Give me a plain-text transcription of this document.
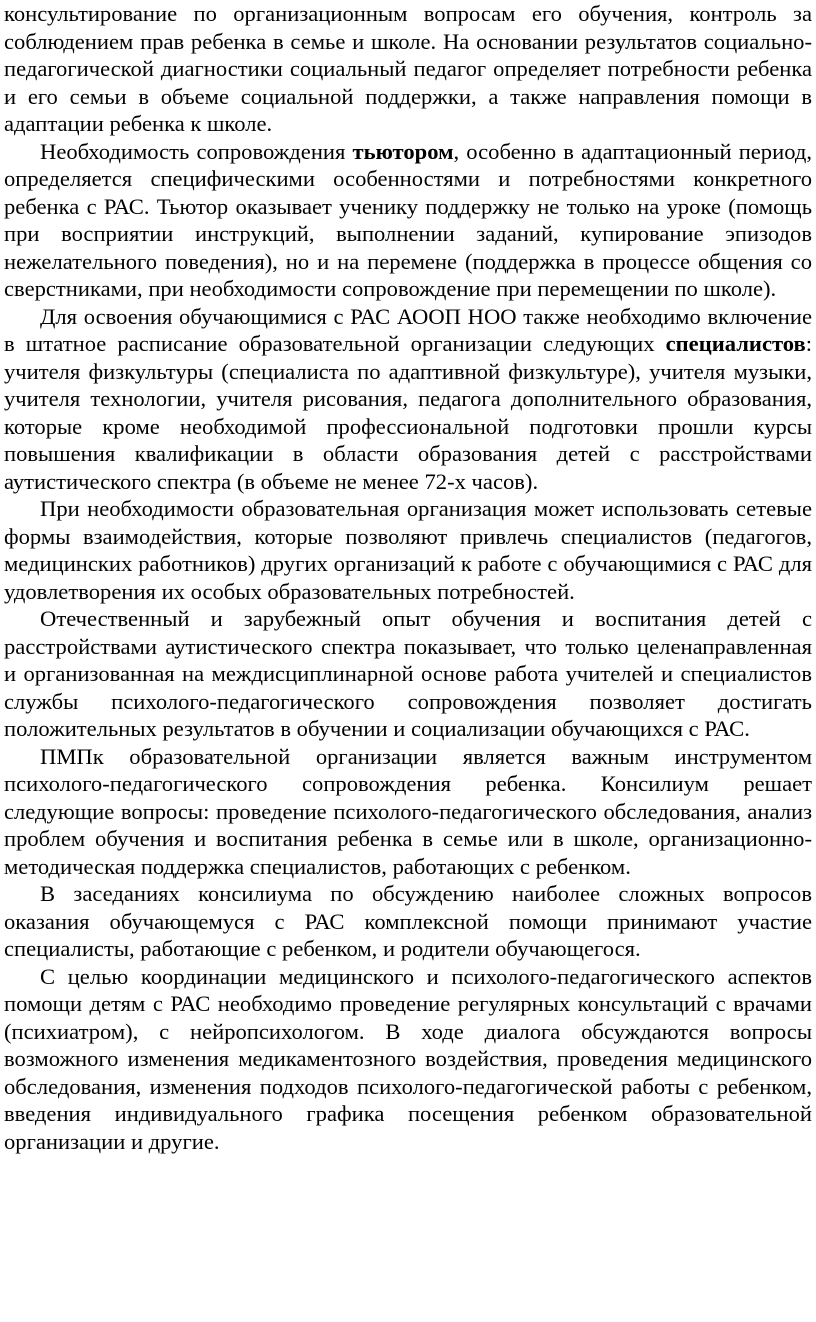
консультирование по организационным вопросам его обучения, контроль за соблюдением прав ребенка в семье и школе. На основании результатов социально-педагогической диагностики социальный педагог определяет потребности ребенка и его семьи в объеме социальной поддержки, а также направления помощи в адаптации ребенка к школе.

Необходимость сопровождения тьютором, особенно в адаптационный период, определяется специфическими особенностями и потребностями конкретного ребенка с РАС. Тьютор оказывает ученику поддержку не только на уроке (помощь при восприятии инструкций, выполнении заданий, купирование эпизодов нежелательного поведения), но и на перемене (поддержка в процессе общения со сверстниками, при необходимости сопровождение при перемещении по школе).

Для освоения обучающимися с РАС АООП НОО также необходимо включение в штатное расписание образовательной организации следующих специалистов: учителя физкультуры (специалиста по адаптивной физкультуре), учителя музыки, учителя технологии, учителя рисования, педагога дополнительного образования, которые кроме необходимой профессиональной подготовки прошли курсы повышения квалификации в области образования детей с расстройствами аутистического спектра (в объеме не менее 72-х часов).

При необходимости образовательная организация может использовать сетевые формы взаимодействия, которые позволяют привлечь специалистов (педагогов, медицинских работников) других организаций к работе с обучающимися с РАС для удовлетворения их особых образовательных потребностей.

Отечественный и зарубежный опыт обучения и воспитания детей с расстройствами аутистического спектра показывает, что только целенаправленная и организованная на междисциплинарной основе работа учителей и специалистов службы психолого-педагогического сопровождения позволяет достигать положительных результатов в обучении и социализации обучающихся с РАС.

ПМПк образовательной организации является важным инструментом психолого-педагогического сопровождения ребенка. Консилиум решает следующие вопросы: проведение психолого-педагогического обследования, анализ проблем обучения и воспитания ребенка в семье или в школе, организационно-методическая поддержка специалистов, работающих с ребенком.

В заседаниях консилиума по обсуждению наиболее сложных вопросов оказания обучающемуся с РАС комплексной помощи принимают участие специалисты, работающие с ребенком, и родители обучающегося.

С целью координации медицинского и психолого-педагогического аспектов помощи детям с РАС необходимо проведение регулярных консультаций с врачами (психиатром), с нейропсихологом. В ходе диалога обсуждаются вопросы возможного изменения медикаментозного воздействия, проведения медицинского обследования, изменения подходов психолого-педагогической работы с ребенком, введения индивидуального графика посещения ребенком образовательной организации и другие.
